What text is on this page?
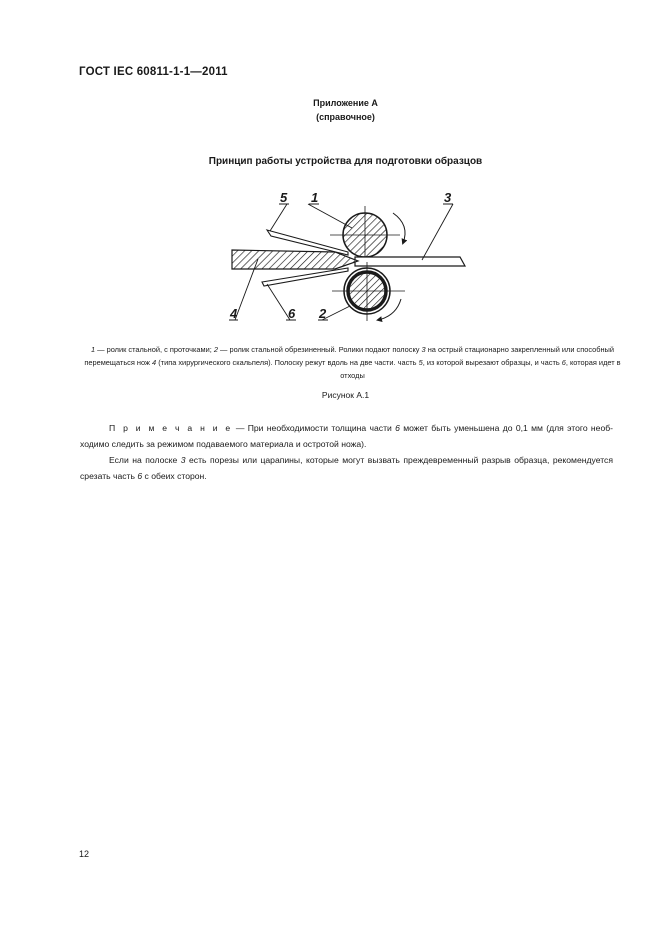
ГОСТ IEC 60811-1-1—2011
Приложение А
(справочное)
Принцип работы устройства для подготовки образцов
5 1	3
4	6 2
1 — ролик стальной, с проточками; 2 — ролик стальной обрезиненный. Ролики подают полоску 3 на острый стационарно закрепленный или способный перемещаться нож 4 (типа хирургического скальпеля). Полоску режут вдоль на две части. часть 5, из которой вырезают образцы, и часть 6, которая идет в отходы
Рисунок А.1
П р и м е ч а н и е — При необходимости толщина части 6 может быть уменьшена до 0,1 мм (для этого необ-ходимо следить за режимом подаваемого материала и остротой ножа).
Если на полоске 3 есть порезы или царапины, которые могут вызвать преждевременный разрыв образца, рекомендуется срезать часть 6 с обеих сторон.
12
